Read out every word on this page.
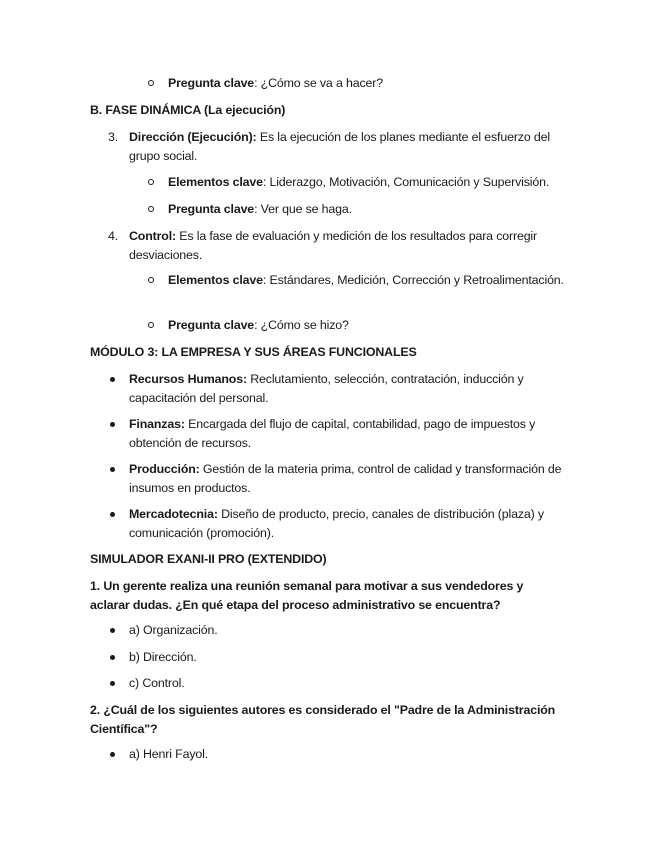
Pregunta clave: ¿Cómo se va a hacer?
B. FASE DINÁMICA (La ejecución)
3. Dirección (Ejecución): Es la ejecución de los planes mediante el esfuerzo del grupo social.
Elementos clave: Liderazgo, Motivación, Comunicación y Supervisión.
Pregunta clave: Ver que se haga.
4. Control: Es la fase de evaluación y medición de los resultados para corregir desviaciones.
Elementos clave: Estándares, Medición, Corrección y Retroalimentación.
Pregunta clave: ¿Cómo se hizo?
MÓDULO 3: LA EMPRESA Y SUS ÁREAS FUNCIONALES
Recursos Humanos: Reclutamiento, selección, contratación, inducción y capacitación del personal.
Finanzas: Encargada del flujo de capital, contabilidad, pago de impuestos y obtención de recursos.
Producción: Gestión de la materia prima, control de calidad y transformación de insumos en productos.
Mercadotecnia: Diseño de producto, precio, canales de distribución (plaza) y comunicación (promoción).
SIMULADOR EXANI-II PRO (EXTENDIDO)
1. Un gerente realiza una reunión semanal para motivar a sus vendedores y aclarar dudas. ¿En qué etapa del proceso administrativo se encuentra?
a) Organización.
b) Dirección.
c) Control.
2. ¿Cuál de los siguientes autores es considerado el "Padre de la Administración Científica"?
a) Henri Fayol.
